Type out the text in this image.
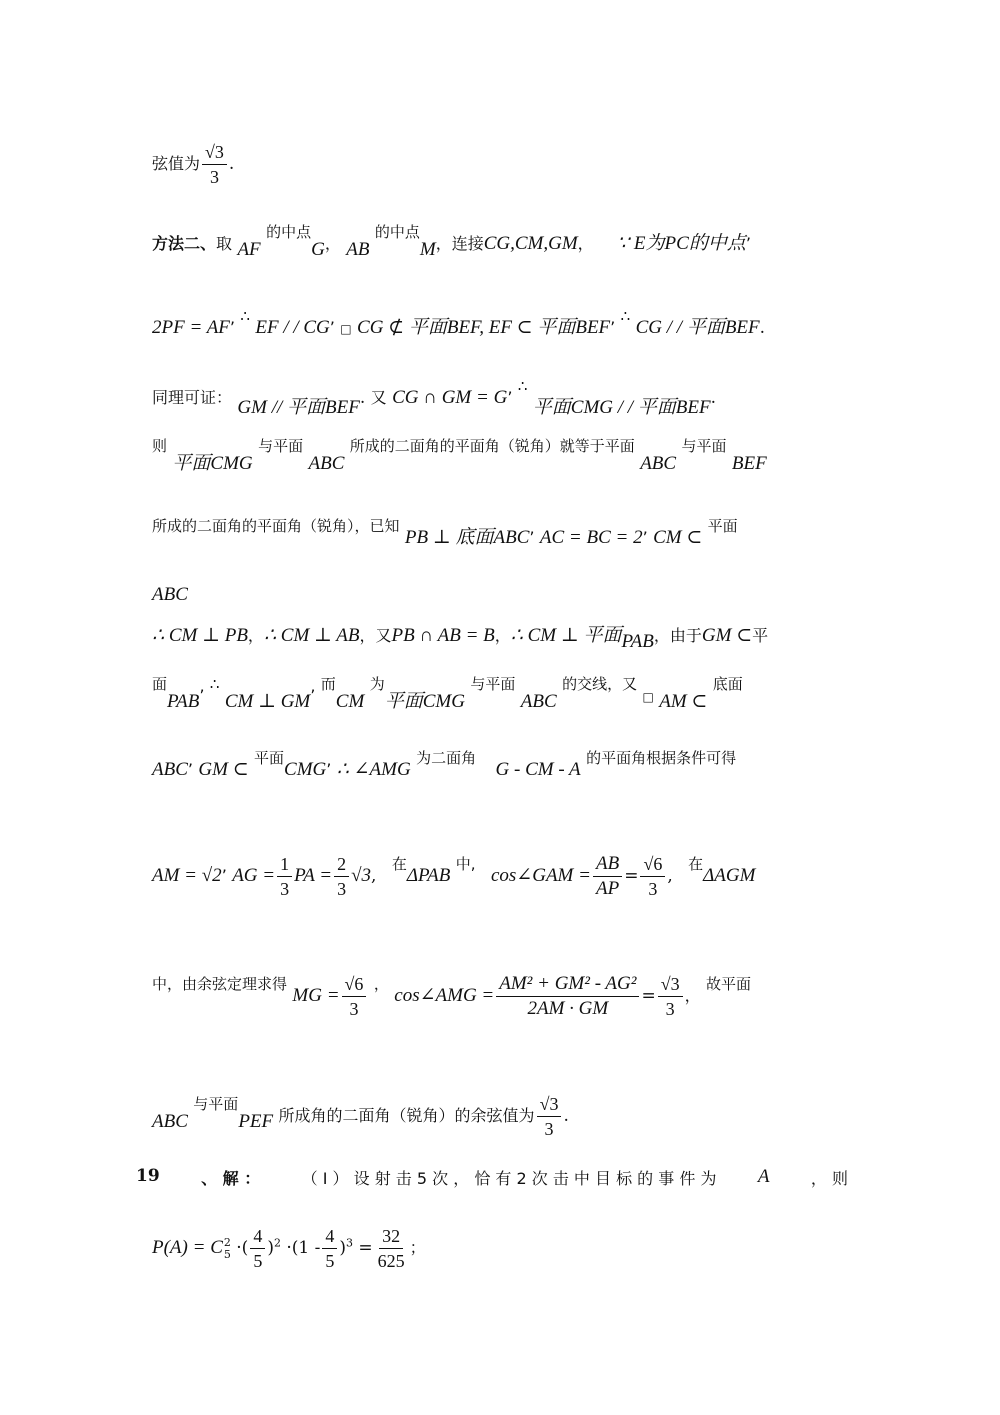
弦值为 $\frac{√3}{3}$ .
方法二、取 AF 的中点G， AB 的中点M，连接CG,CM,GM， ∵ E为PC的中点’
2PF = AF’ ∴ EF / / CG’ □ CG ⊄ 平面BEF, EF ⊂ 平面BEF’ ∴ CG / / 平面BEF.
同理可证： GM // 平面BEF. 又 CG ∩ GM = G’ ∴ 平面CMG / / 平面BEF.
则 平面CMG 与平面 ABC 所成的二面角的平面角（锐角）就等于平面 ABC 与平面 BEF
所成的二面角的平面角（锐角），已知 PB ⊥ 底面ABC’ AC = BC = 2’ CM ⊂ 平面
ABC
∴ CM ⊥ PB，∴ CM ⊥ AB，又PB ∩ AB = B，∴ CM ⊥ 平面PAB，由于GM ⊂平
面PAB’ ∴ CM ⊥ GM’ 而CM 为平面CMG 与平面 ABC 的交线，又 □ AM ⊂ 底面
ABC’ GM ⊂ 平面CMG’ ∴ ∠AMG 为二面角 G - CM - A 的平面角根据条件可得
AM = √2’ AG = $\frac{1}{3}$ PA = $\frac{2}{3} √3$, 在ΔPAB 中, cos∠GAM = $\frac{AB}{AP} = \frac{√6}{3}$ , 在ΔAGM
中，由余弦定理求得 MG = $\frac{√6}{3}$ ， cos∠AMG = $\frac{\text{AM² + GM² - AG²}}{2AM \cdot GM} = \frac{√3}{3}$ ， 故平面
ABC 与平面PEF 所成角的二面角（锐角）的余弦值为 $\frac{√3}{3}$ .
19	、 解 ：	（ Ⅰ ） 设 射 击 5 次 ， 恰 有 2 次 击 中 目 标 的 事 件 为 A	， 则
P(A) = C 2
5 ·( $\frac{4}{5} )^2 \cdot(1 - \frac{4}{5} )^3 = \frac{32}{625}$ ；
